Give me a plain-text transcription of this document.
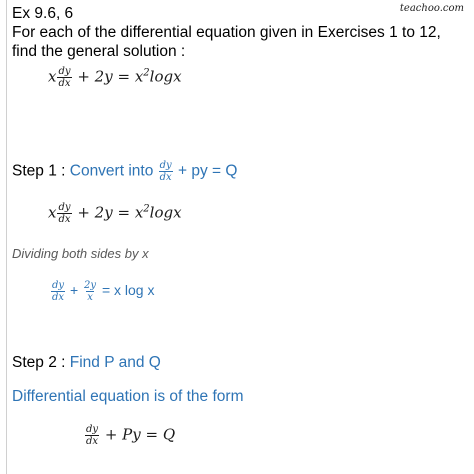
teachoo.com
Ex 9.6, 6
For each of the differential equation given in Exercises 1 to 12,
find the general solution :
x $\frac{dy}{dx} + 2y = x^2\log x$
Step 1 : Convert into $\frac{dy}{dx}$ + py = Q
x $\frac{dy}{dx} + 2y = x^2\log x$
Dividing both sides by x
$\frac{dy}{dx} + \frac{2y}{x} = x$ log x
Step 2 : Find P and Q
Differential equation is of the form
$\frac{dy}{dx} + Py = Q$
